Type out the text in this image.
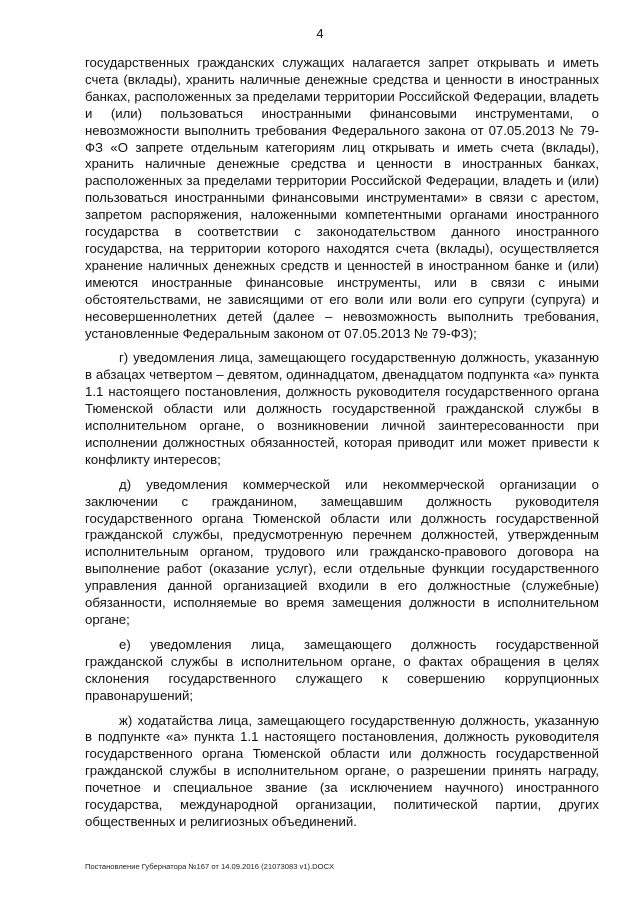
4

государственных гражданских служащих налагается запрет открывать и иметь счета (вклады), хранить наличные денежные средства и ценности в иностранных банках, расположенных за пределами территории Российской Федерации, владеть и (или) пользоваться иностранными финансовыми инструментами, о невозможности выполнить требования Федерального закона от 07.05.2013 № 79-ФЗ «О запрете отдельным категориям лиц открывать и иметь счета (вклады), хранить наличные денежные средства и ценности в иностранных банках, расположенных за пределами территории Российской Федерации, владеть и (или) пользоваться иностранными финансовыми инструментами» в связи с арестом, запретом распоряжения, наложенными компетентными органами иностранного государства в соответствии с законодательством данного иностранного государства, на территории которого находятся счета (вклады), осуществляется хранение наличных денежных средств и ценностей в иностранном банке и (или) имеются иностранные финансовые инструменты, или в связи с иными обстоятельствами, не зависящими от его воли или воли его супруги (супруга) и несовершеннолетних детей (далее – невозможность выполнить требования, установленные Федеральным законом от 07.05.2013 № 79-ФЗ);

г) уведомления лица, замещающего государственную должность, указанную в абзацах четвертом – девятом, одиннадцатом, двенадцатом подпункта «а» пункта 1.1 настоящего постановления, должность руководителя государственного органа Тюменской области или должность государственной гражданской службы в исполнительном органе, о возникновении личной заинтересованности при исполнении должностных обязанностей, которая приводит или может привести к конфликту интересов;

д) уведомления коммерческой или некоммерческой организации о заключении с гражданином, замещавшим должность руководителя государственного органа Тюменской области или должность государственной гражданской службы, предусмотренную перечнем должностей, утвержденным исполнительным органом, трудового или гражданско-правового договора на выполнение работ (оказание услуг), если отдельные функции государственного управления данной организацией входили в его должностные (служебные) обязанности, исполняемые во время замещения должности в исполнительном органе;

е) уведомления лица, замещающего должность государственной гражданской службы в исполнительном органе, о фактах обращения в целях склонения государственного служащего к совершению коррупционных правонарушений;

ж) ходатайства лица, замещающего государственную должность, указанную в подпункте «а» пункта 1.1 настоящего постановления, должность руководителя государственного органа Тюменской области или должность государственной гражданской службы в исполнительном органе, о разрешении принять награду, почетное и специальное звание (за исключением научного) иностранного государства, международной организации, политической партии, других общественных и религиозных объединений.

Постановление Губернатора №167 от 14.09.2016 (21073083 v1).DOCX
